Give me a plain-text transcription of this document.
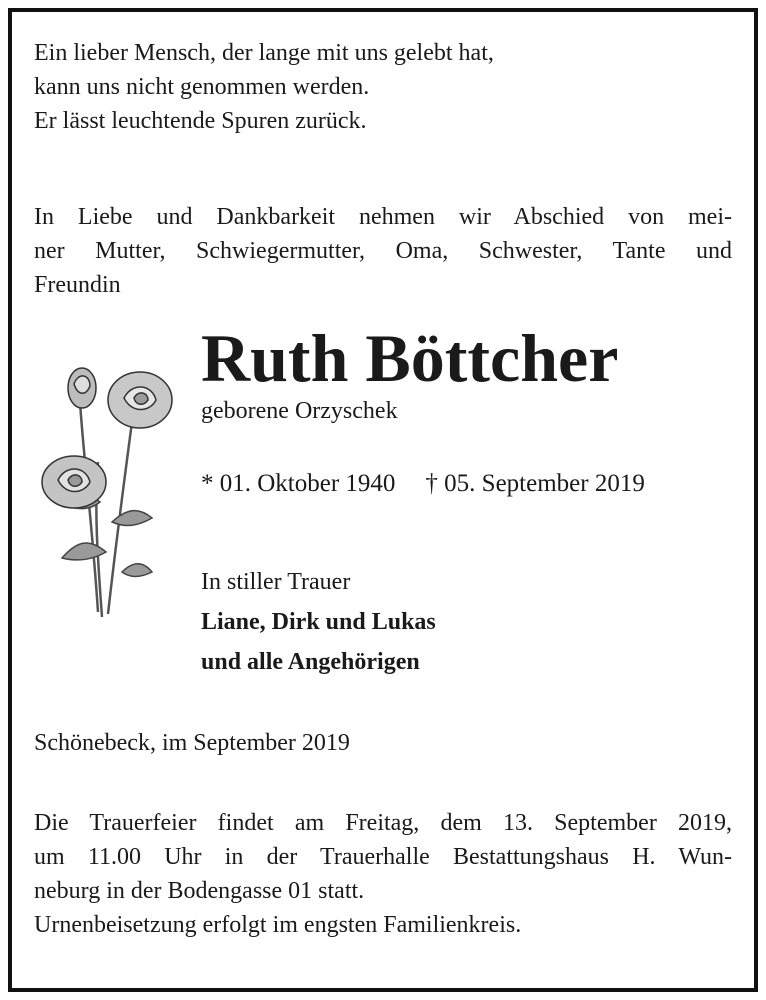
Ein lieber Mensch, der lange mit uns gelebt hat,
kann uns nicht genommen werden.
Er lässt leuchtende Spuren zurück.
In Liebe und Dankbarkeit nehmen wir Abschied von mei-
ner Mutter, Schwiegermutter, Oma, Schwester, Tante und
Freundin
Ruth Böttcher
geborene Orzyschek
* 01. Oktober 1940 † 05. September 2019
In stiller Trauer
Liane, Dirk und Lukas
und alle Angehörigen
Schönebeck, im September 2019
Die Trauerfeier findet am Freitag, dem 13. September 2019,
um 11.00 Uhr in der Trauerhalle Bestattungshaus H. Wun-
neburg in der Bodengasse 01 statt.
Urnenbeisetzung erfolgt im engsten Familienkreis.
